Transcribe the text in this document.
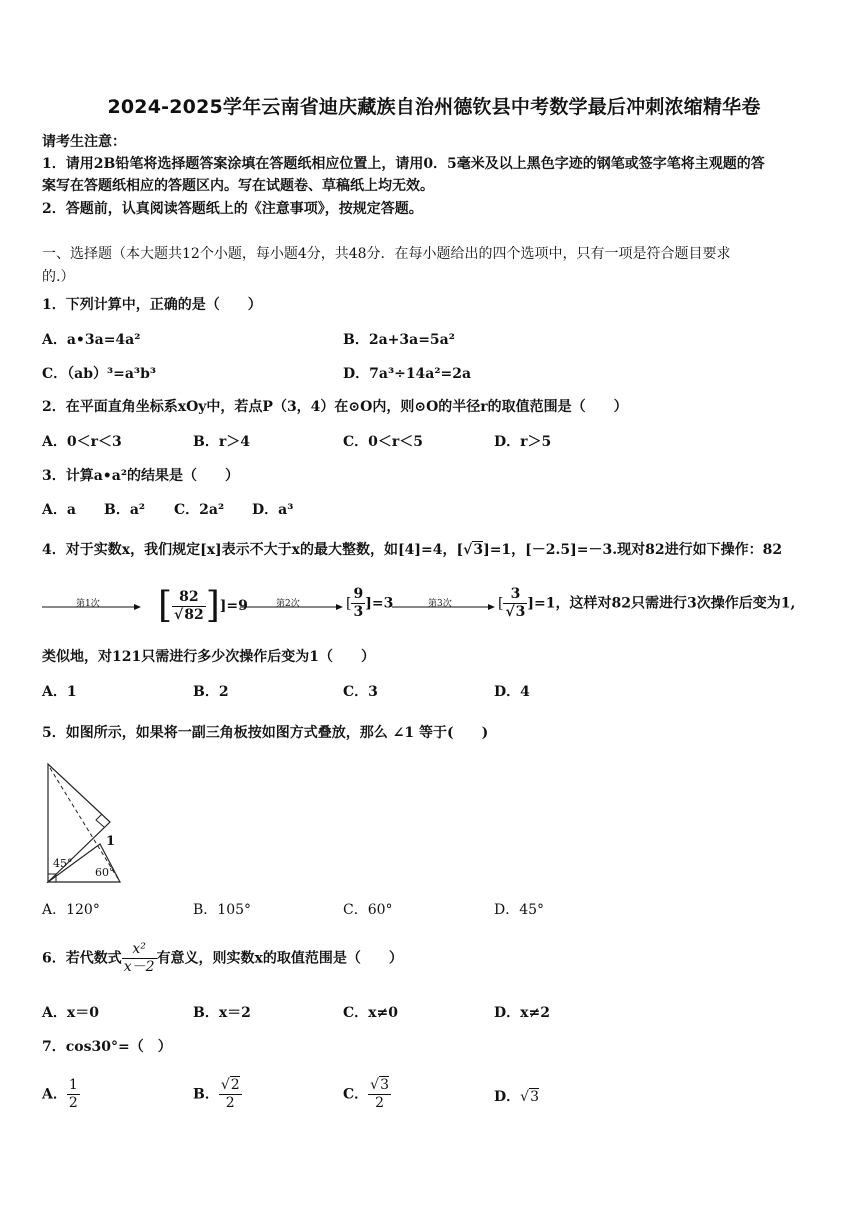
2024-2025学年云南省迪庆藏族自治州德钦县中考数学最后冲刺浓缩精华卷
请考生注意：
1．请用2B铅笔将选择题答案涂填在答题纸相应位置上，请用0．5毫米及以上黑色字迹的钢笔或签字笔将主观题的答
案写在答题纸相应的答题区内。写在试题卷、草稿纸上均无效。
2．答题前，认真阅读答题纸上的《注意事项》，按规定答题。
一、选择题（本大题共12个小题，每小题4分，共48分．在每小题给出的四个选项中，只有一项是符合题目要求
的.）
1．下列计算中，正确的是（　　）
A．a•3a=4a²	B．2a+3a=5a²
C．（ab）³=a³b³	D．7a³÷14a²=2a
2．在平面直角坐标系xOy中，若点P（3，4）在⊙O内，则⊙O的半径r的取值范围是（　　）
A．0＜r＜3	B．r＞4	C．0＜r＜5	D．r＞5
3．计算a•a²的结果是（　　）
A．a B．a² C．2a² D．a³
4．对于实数x，我们规定[x]表示不大于x的最大整数，如[4]=4，[√3]=1，[－2.5]=－3.现对82进行如下操作：82
第1次 [ $\frac{82}{√82} ]]=9$	第2次	[ $\frac{9}{3} ]=3$	第3次	[ $\frac{3}{√3} ]=1$，这样对82只需进行3次操作后变为1,
类似地，对121只需进行多少次操作后变为1（　　）
A．1	B．2	C．3	D．4
5．如图所示，如果将一副三角板按如图方式叠放，那么 ∠1 等于(　　)
45°
60°
1
A．120°	B．105°	C．60°	D．45°
6．若代数式 $\frac{\text{x²}}{x-2}$ 有意义，则实数x的取值范围是（　　）
A．x＝0	B．x＝2	C．x≠0	D．x≠2
7．cos30°=（　）
A． $\frac{1}{2}$	B． $\frac{√2}{2}$	C． $\frac{√3}{2}$	D．√3
